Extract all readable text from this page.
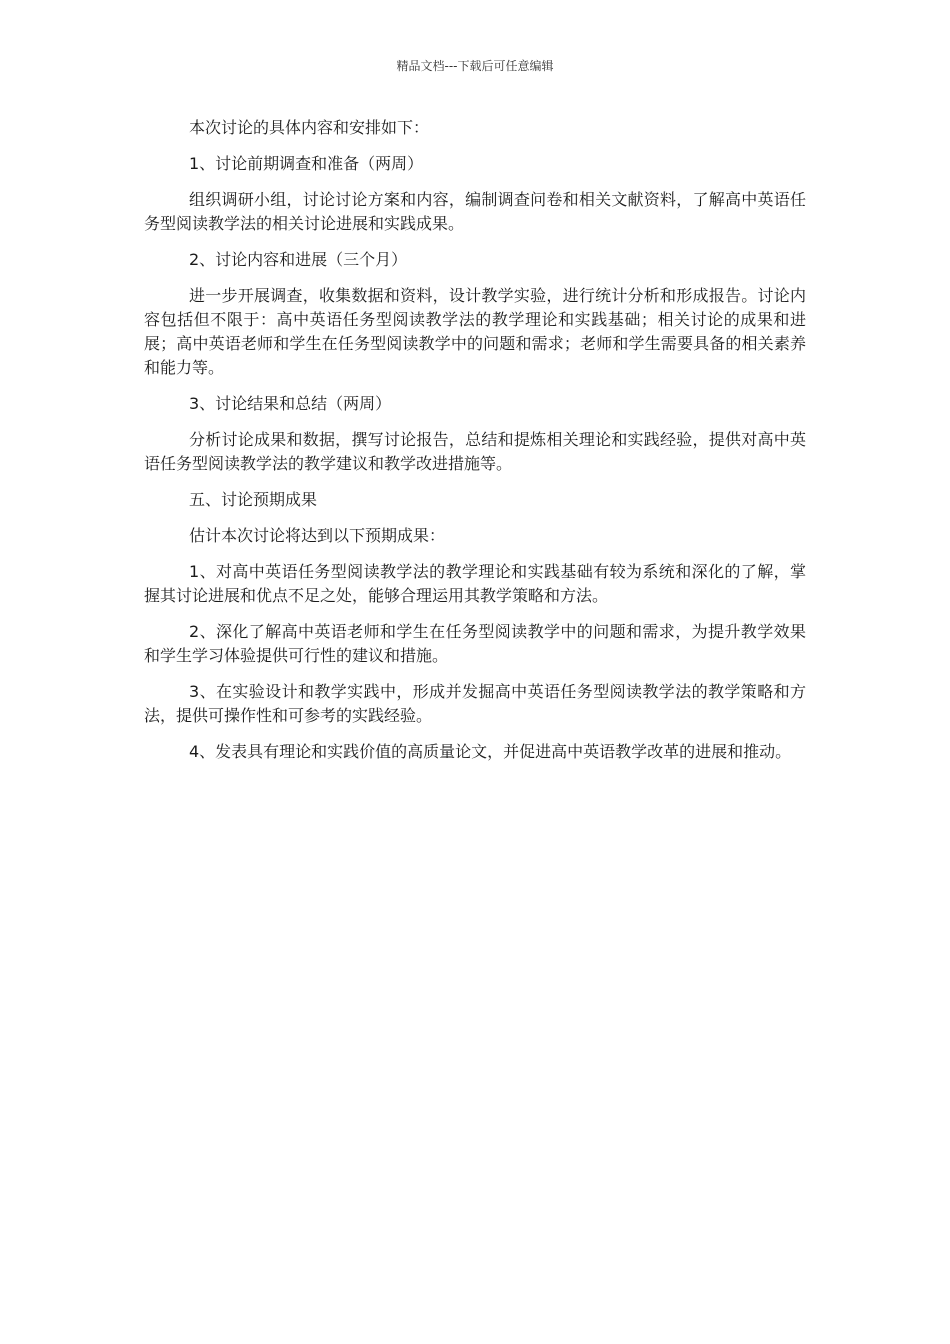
精品文档---下载后可任意编辑

本次讨论的具体内容和安排如下：

1、讨论前期调查和准备（两周）

组织调研小组，讨论讨论方案和内容，编制调查问卷和相关文献资料，了解高中英语任务型阅读教学法的相关讨论进展和实践成果。

2、讨论内容和进展（三个月）

进一步开展调查，收集数据和资料，设计教学实验，进行统计分析和形成报告。讨论内容包括但不限于：高中英语任务型阅读教学法的教学理论和实践基础；相关讨论的成果和进展；高中英语老师和学生在任务型阅读教学中的问题和需求；老师和学生需要具备的相关素养和能力等。

3、讨论结果和总结（两周）

分析讨论成果和数据，撰写讨论报告，总结和提炼相关理论和实践经验，提供对高中英语任务型阅读教学法的教学建议和教学改进措施等。

五、讨论预期成果

估计本次讨论将达到以下预期成果：

1、对高中英语任务型阅读教学法的教学理论和实践基础有较为系统和深化的了解，掌握其讨论进展和优点不足之处，能够合理运用其教学策略和方法。

2、深化了解高中英语老师和学生在任务型阅读教学中的问题和需求，为提升教学效果和学生学习体验提供可行性的建议和措施。

3、在实验设计和教学实践中，形成并发掘高中英语任务型阅读教学法的教学策略和方法，提供可操作性和可参考的实践经验。

4、发表具有理论和实践价值的高质量论文，并促进高中英语教学改革的进展和推动。
